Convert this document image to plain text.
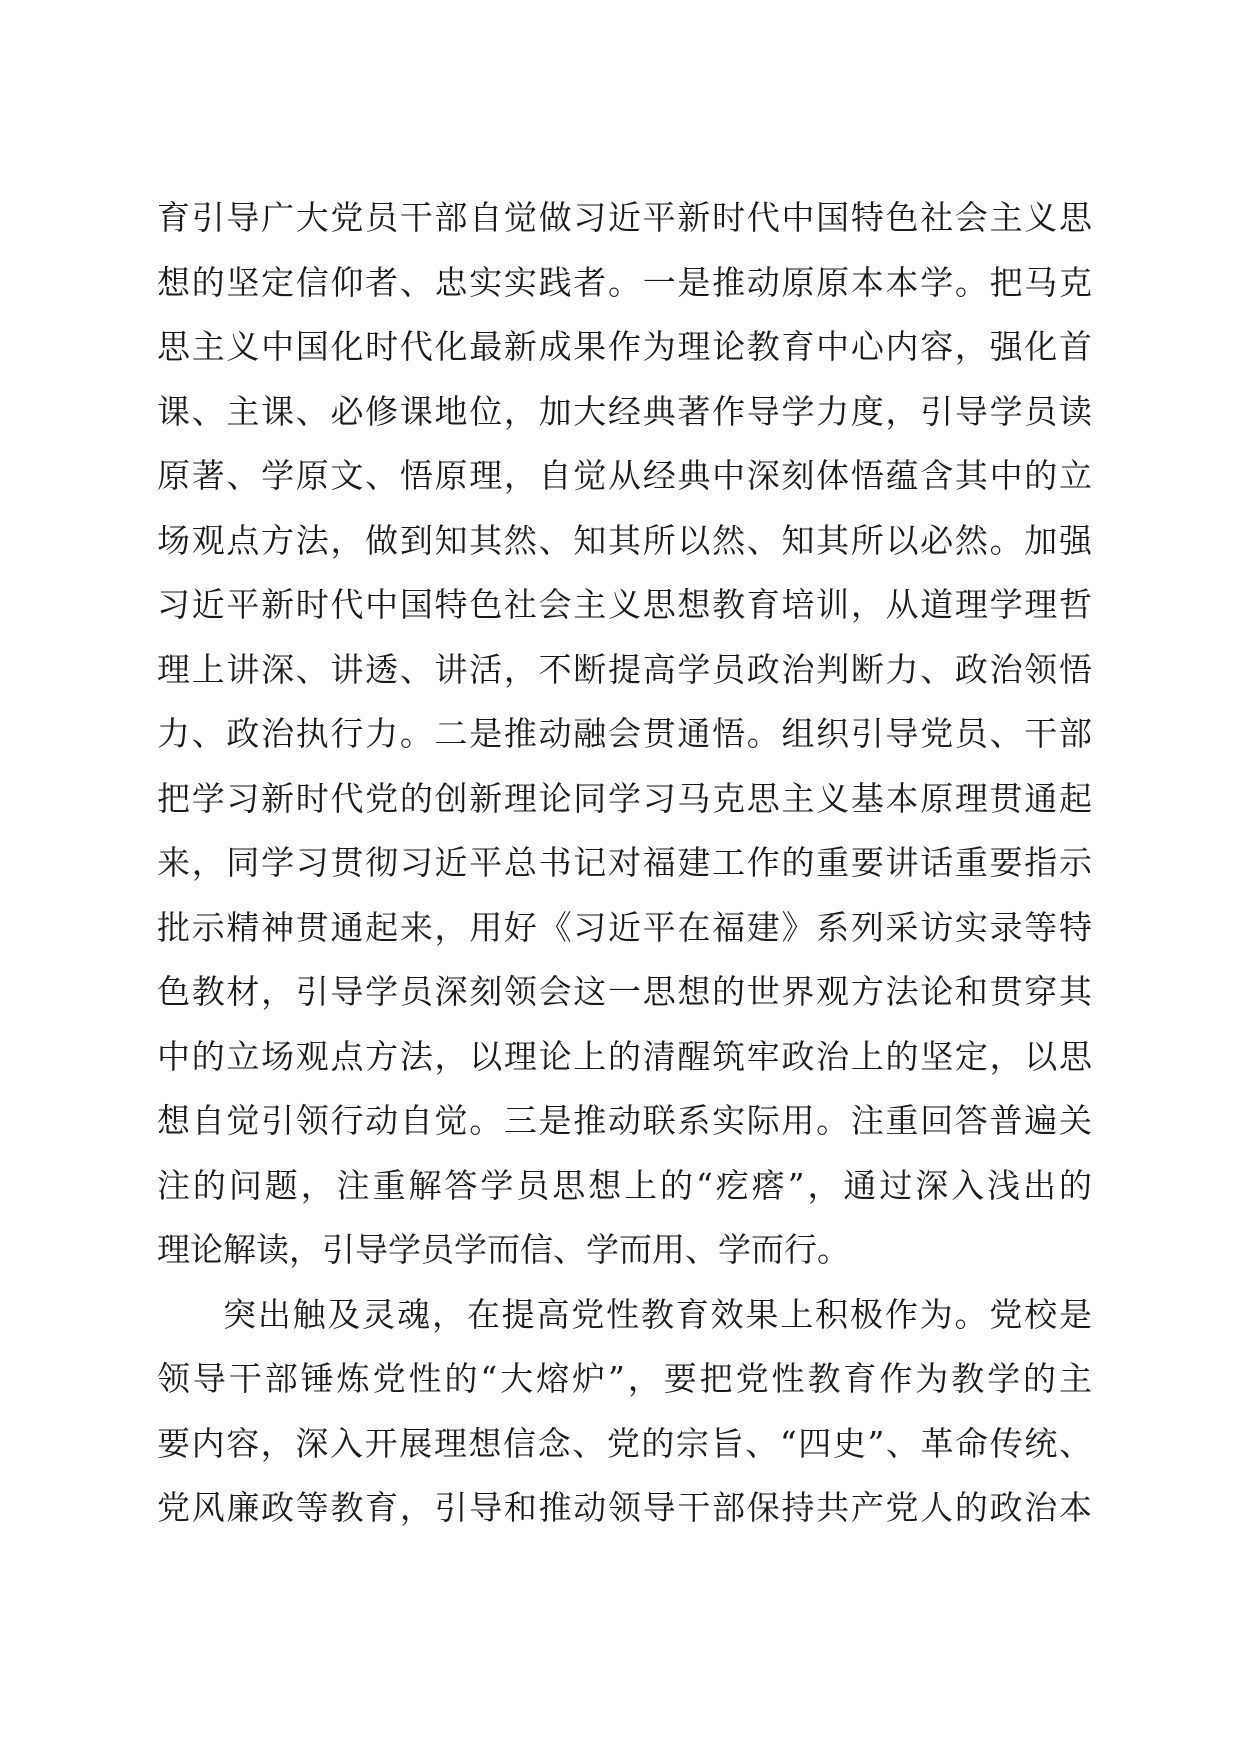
育引导广大党员干部自觉做习近平新时代中国特色社会主义思
想的坚定信仰者、忠实实践者。一是推动原原本本学。把马克
思主义中国化时代化最新成果作为理论教育中心内容，强化首
课、主课、必修课地位，加大经典著作导学力度，引导学员读
原著、学原文、悟原理，自觉从经典中深刻体悟蕴含其中的立
场观点方法，做到知其然、知其所以然、知其所以必然。加强
习近平新时代中国特色社会主义思想教育培训，从道理学理哲
理上讲深、讲透、讲活，不断提高学员政治判断力、政治领悟
力、政治执行力。二是推动融会贯通悟。组织引导党员、干部
把学习新时代党的创新理论同学习马克思主义基本原理贯通起
来，同学习贯彻习近平总书记对福建工作的重要讲话重要指示
批示精神贯通起来，用好《习近平在福建》系列采访实录等特
色教材，引导学员深刻领会这一思想的世界观方法论和贯穿其
中的立场观点方法，以理论上的清醒筑牢政治上的坚定，以思
想自觉引领行动自觉。三是推动联系实际用。注重回答普遍关
注的问题，注重解答学员思想上的“疙瘩”，通过深入浅出的
理论解读，引导学员学而信、学而用、学而行。
突出触及灵魂，在提高党性教育效果上积极作为。党校是
领导干部锤炼党性的“大熔炉”，要把党性教育作为教学的主
要内容，深入开展理想信念、党的宗旨、“四史”、革命传统、
党风廉政等教育，引导和推动领导干部保持共产党人的政治本
